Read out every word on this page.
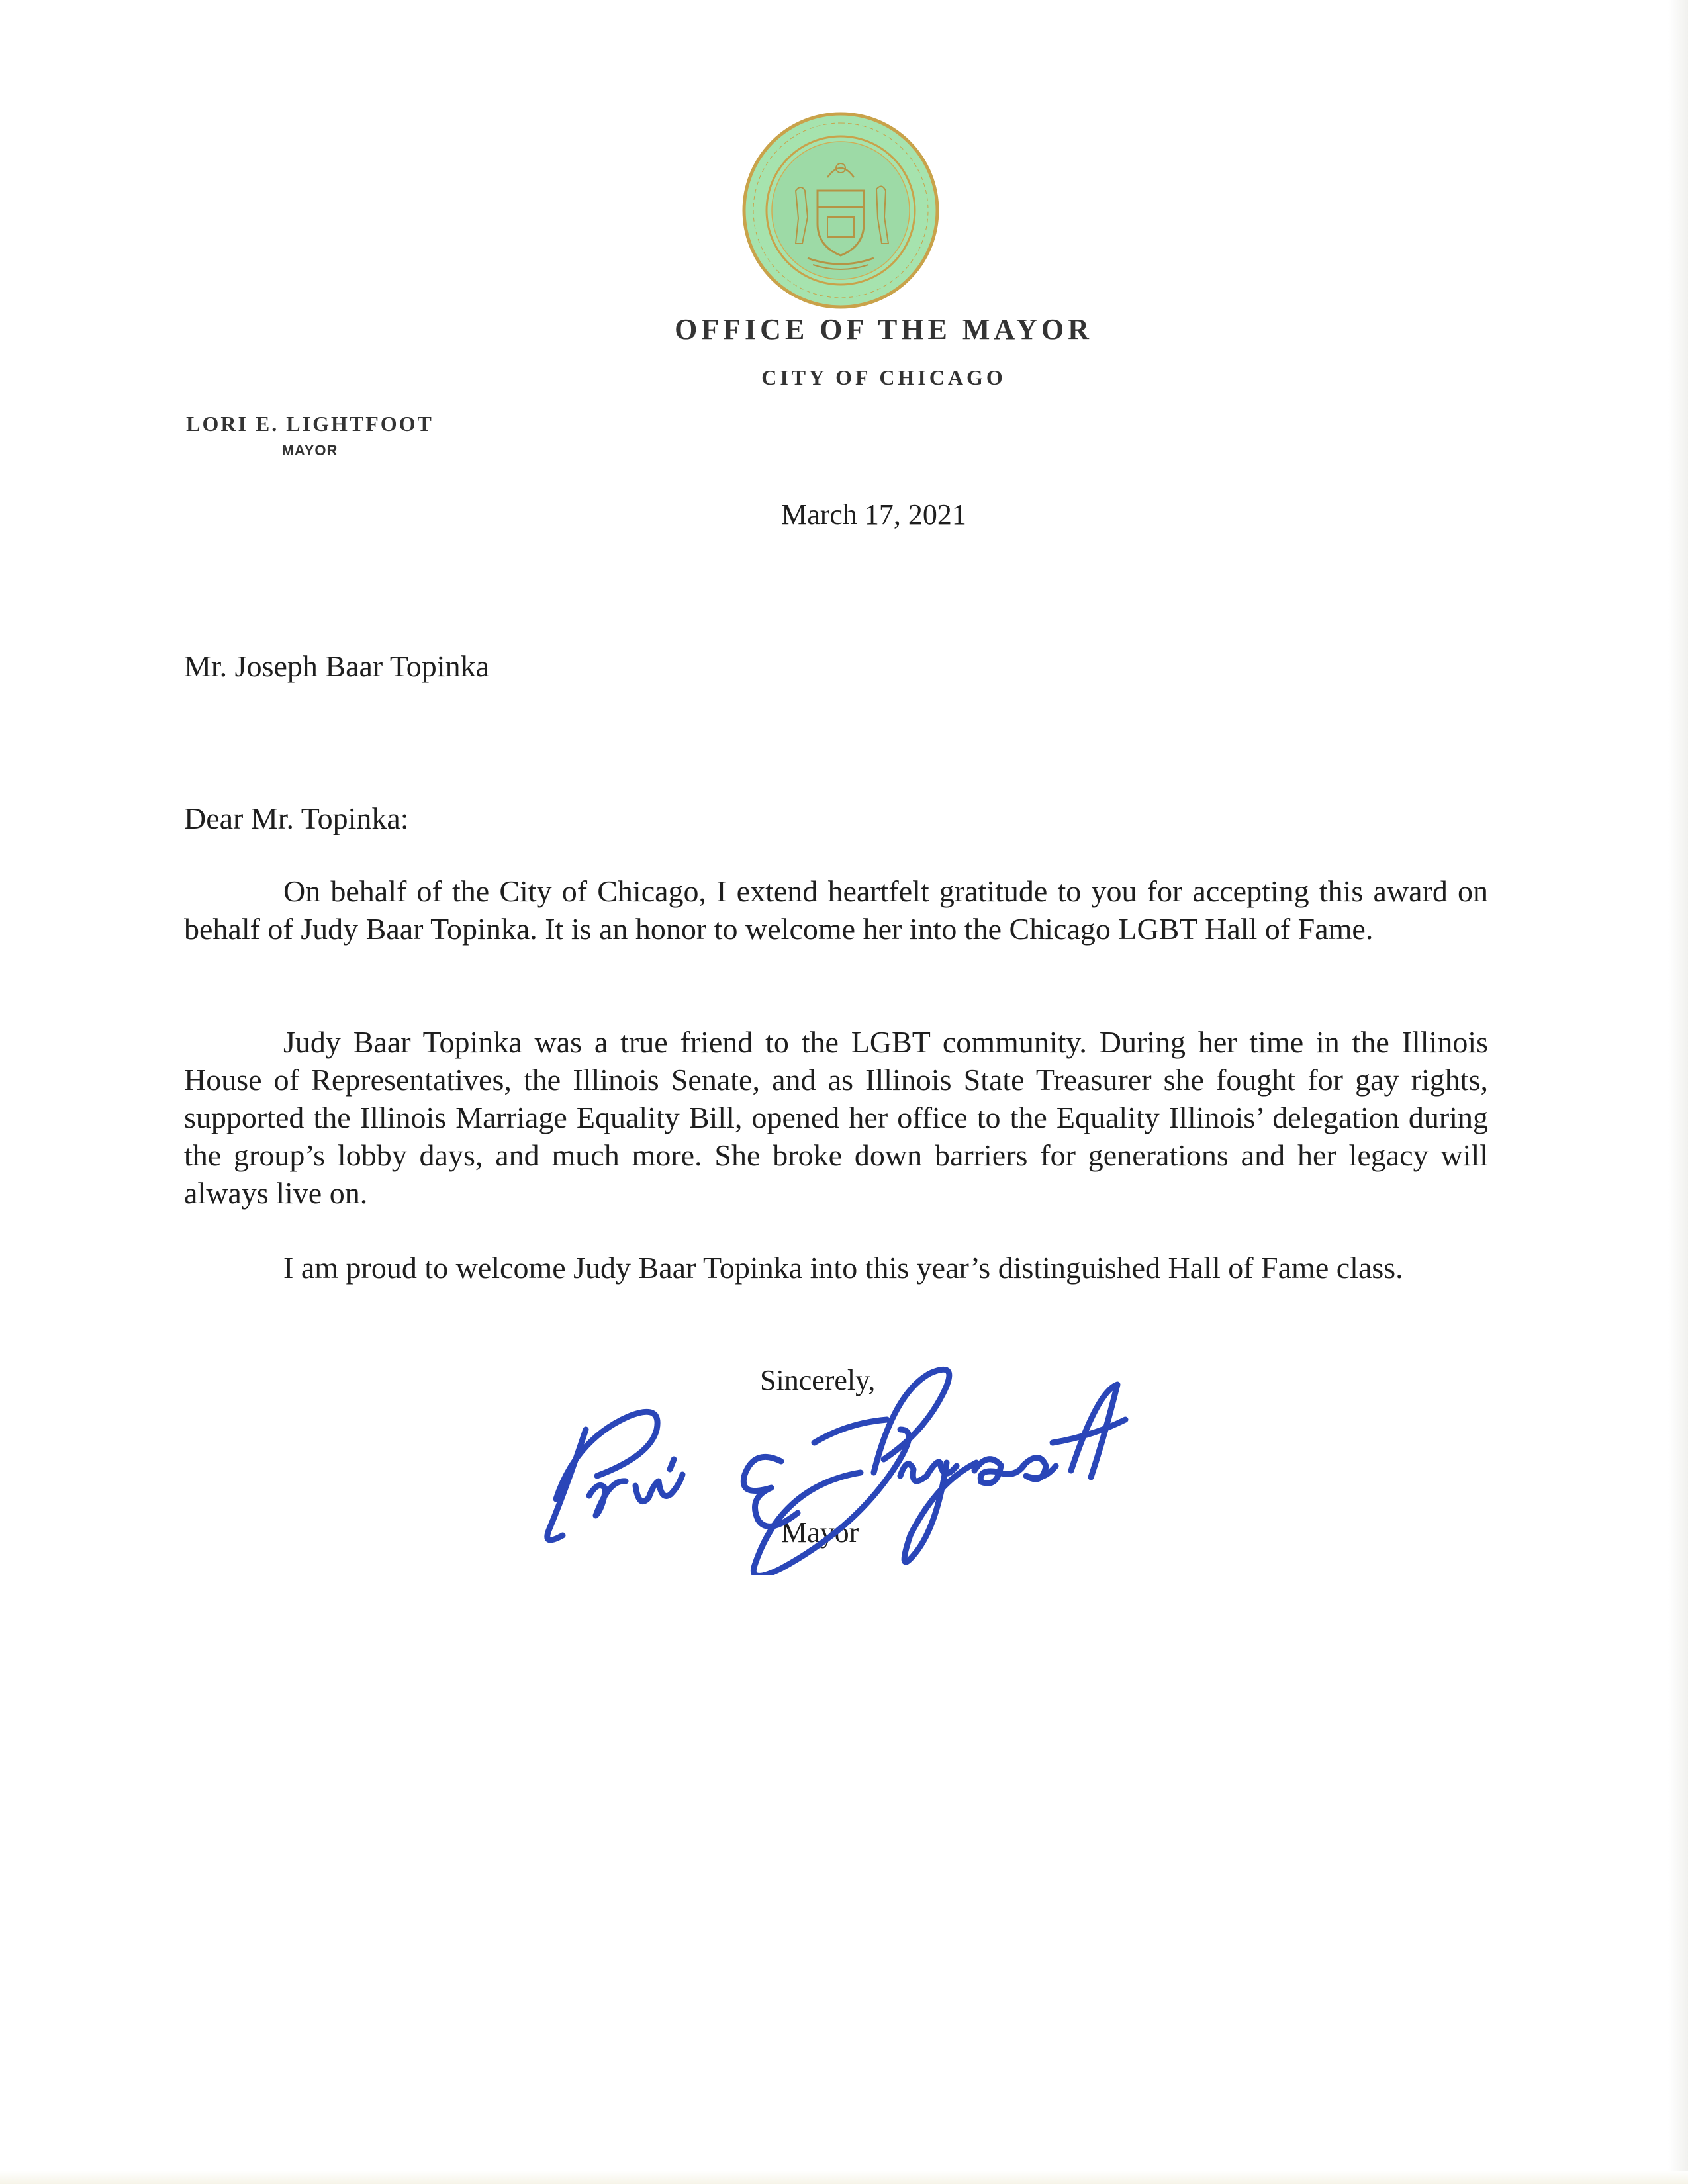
OFFICE OF THE MAYOR
CITY OF CHICAGO
LORI E. LIGHTFOOT
MAYOR
March 17, 2021
Mr. Joseph Baar Topinka
Dear Mr. Topinka:

On behalf of the City of Chicago, I extend heartfelt gratitude to you for accepting this award on behalf of Judy Baar Topinka. It is an honor to welcome her into the Chicago LGBT Hall of Fame.

Judy Baar Topinka was a true friend to the LGBT community. During her time in the Illinois House of Representatives, the Illinois Senate, and as Illinois State Treasurer she fought for gay rights, supported the Illinois Marriage Equality Bill, opened her office to the Equality Illinois’ delegation during the group’s lobby days, and much more. She broke down barriers for generations and her legacy will always live on.

I am proud to welcome Judy Baar Topinka into this year’s distinguished Hall of Fame class.

Sincerely,
Mayor
